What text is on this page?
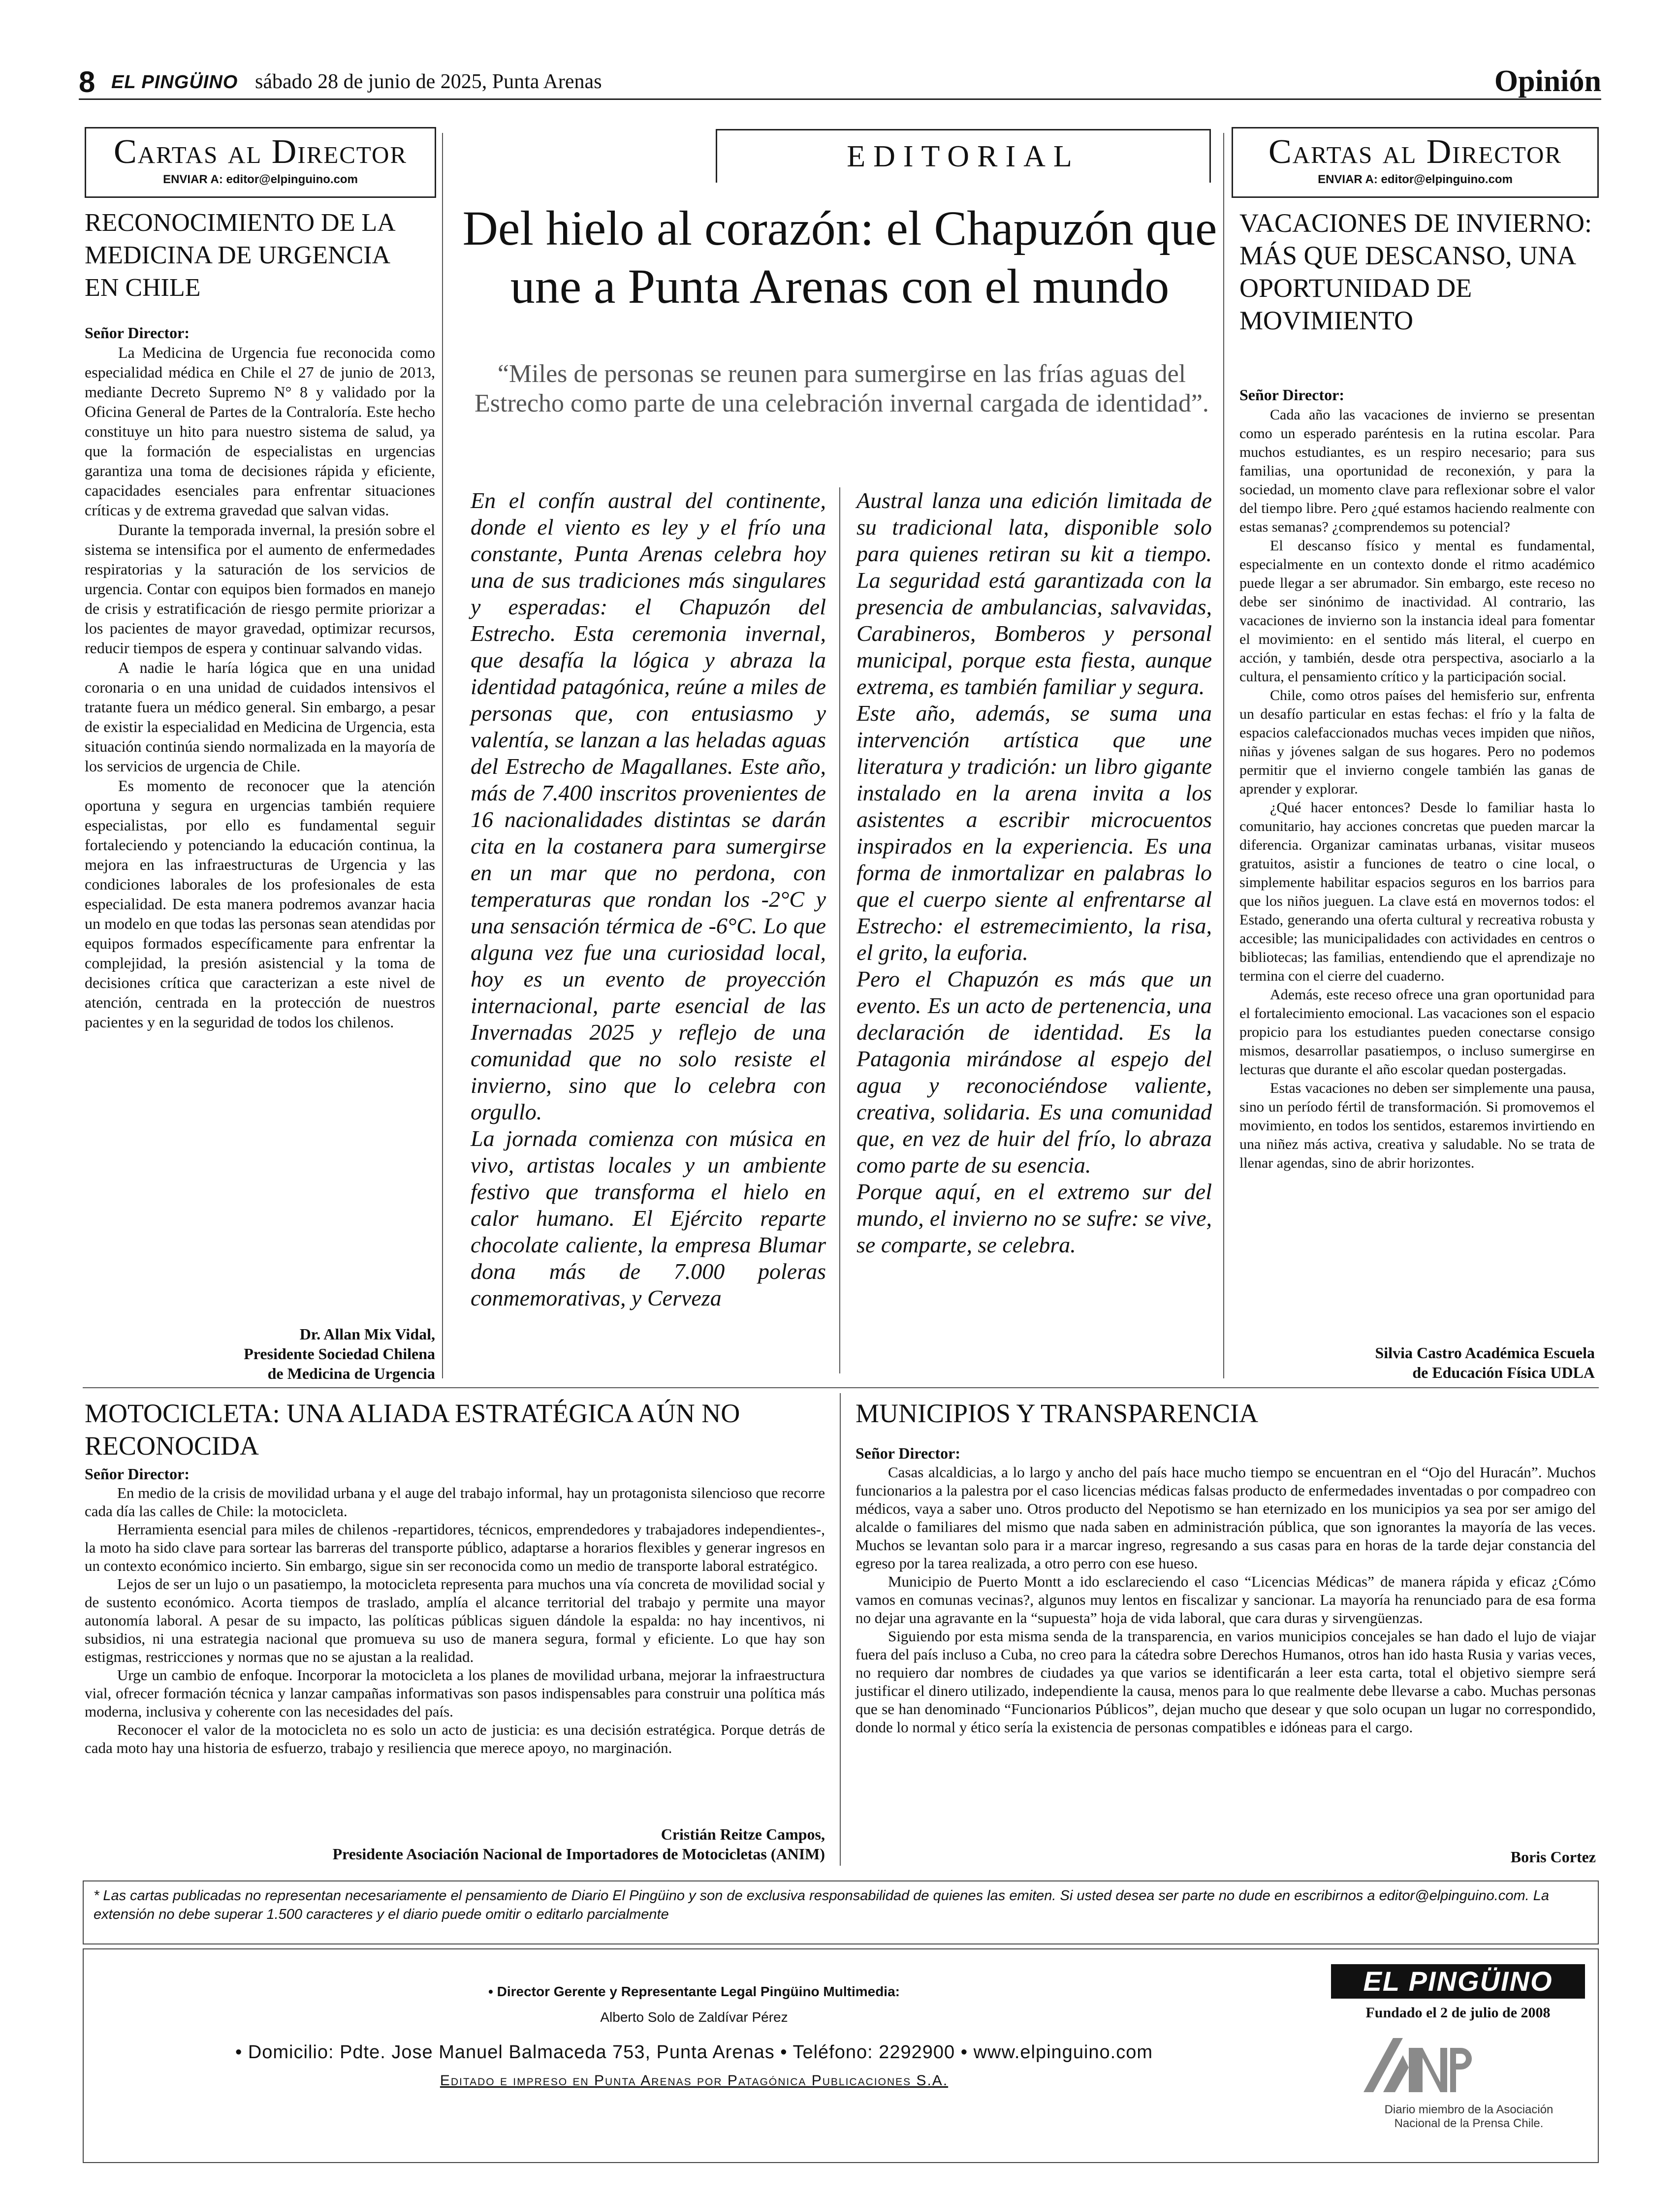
8 EL PINGÜINO sábado 28 de junio de 2025, Punta Arenas	Opinión
Cartas al Director
ENVIAR A: editor@elpinguino.com
Cartas al Director
ENVIAR A: editor@elpinguino.com
EDITORIAL
RECONOCIMIENTO DE LA MEDICINA DE URGENCIA EN CHILE
Señor Director:

La Medicina de Urgencia fue reconocida como especialidad médica en Chile el 27 de junio de 2013, mediante Decreto Supremo N° 8 y validado por la Oficina General de Partes de la Contraloría. Este hecho constituye un hito para nuestro sistema de salud, ya que la formación de especialistas en urgencias garantiza una toma de decisiones rápida y eficiente, capacidades esenciales para enfrentar situaciones críticas y de extrema gravedad que salvan vidas.

Durante la temporada invernal, la presión sobre el sistema se intensifica por el aumento de enfermedades respiratorias y la saturación de los servicios de urgencia. Contar con equipos bien formados en manejo de crisis y estratificación de riesgo permite priorizar a los pacientes de mayor gravedad, optimizar recursos, reducir tiempos de espera y continuar salvando vidas.

A nadie le haría lógica que en una unidad coronaria o en una unidad de cuidados intensivos el tratante fuera un médico general. Sin embargo, a pesar de existir la especialidad en Medicina de Urgencia, esta situación continúa siendo normalizada en la mayoría de los servicios de urgencia de Chile.

Es momento de reconocer que la atención oportuna y segura en urgencias también requiere especialistas, por ello es fundamental seguir fortaleciendo y potenciando la educación continua, la mejora en las infraestructuras de Urgencia y las condiciones laborales de los profesionales de esta especialidad. De esta manera podremos avanzar hacia un modelo en que todas las personas sean atendidas por equipos formados específicamente para enfrentar la complejidad, la presión asistencial y la toma de decisiones crítica que caracterizan a este nivel de atención, centrada en la protección de nuestros pacientes y en la seguridad de todos los chilenos.

Dr. Allan Mix Vidal,
Presidente Sociedad Chilena
de Medicina de Urgencia
Del hielo al corazón: el Chapuzón que une a Punta Arenas con el mundo
“Miles de personas se reunen para sumergirse en las frías aguas del Estrecho como parte de una celebración invernal cargada de identidad”.

En el confín austral del continente, donde el viento es ley y el frío una constante, Punta Arenas celebra hoy una de sus tradiciones más singulares y esperadas: el Chapuzón del Estrecho. Esta ceremonia invernal, que desafía la lógica y abraza la identidad patagónica, reúne a miles de personas que, con entusiasmo y valentía, se lanzan a las heladas aguas del Estrecho de Magallanes. Este año, más de 7.400 inscritos provenientes de 16 nacionalidades distintas se darán cita en la costanera para sumergirse en un mar que no perdona, con temperaturas que rondan los -2°C y una sensación térmica de -6°C. Lo que alguna vez fue una curiosidad local, hoy es un evento de proyección internacional, parte esencial de las Invernadas 2025 y reflejo de una comunidad que no solo resiste el invierno, sino que lo celebra con orgullo.

La jornada comienza con música en vivo, artistas locales y un ambiente festivo que transforma el hielo en calor humano. El Ejército reparte chocolate caliente, la empresa Blumar dona más de 7.000 poleras conmemorativas, y Cerveza

Austral lanza una edición limitada de su tradicional lata, disponible solo para quienes retiran su kit a tiempo. La seguridad está garantizada con la presencia de ambulancias, salvavidas, Carabineros, Bomberos y personal municipal, porque esta fiesta, aunque extrema, es también familiar y segura.

Este año, además, se suma una intervención artística que une literatura y tradición: un libro gigante instalado en la arena invita a los asistentes a escribir microcuentos inspirados en la experiencia. Es una forma de inmortalizar en palabras lo que el cuerpo siente al enfrentarse al Estrecho: el estremecimiento, la risa, el grito, la euforia.

Pero el Chapuzón es más que un evento. Es un acto de pertenencia, una declaración de identidad. Es la Patagonia mirándose al espejo del agua y reconociéndose valiente, creativa, solidaria. Es una comunidad que, en vez de huir del frío, lo abraza como parte de su esencia.

Porque aquí, en el extremo sur del mundo, el invierno no se sufre: se vive, se comparte, se celebra.

VACACIONES DE INVIERNO: MÁS QUE DESCANSO, UNA OPORTUNIDAD DE MOVIMIENTO
Señor Director:

Cada año las vacaciones de invierno se presentan como un esperado paréntesis en la rutina escolar. Para muchos estudiantes, es un respiro necesario; para sus familias, una oportunidad de reconexión, y para la sociedad, un momento clave para reflexionar sobre el valor del tiempo libre. Pero ¿qué estamos haciendo realmente con estas semanas? ¿comprendemos su potencial?

El descanso físico y mental es fundamental, especialmente en un contexto donde el ritmo académico puede llegar a ser abrumador. Sin embargo, este receso no debe ser sinónimo de inactividad. Al contrario, las vacaciones de invierno son la instancia ideal para fomentar el movimiento: en el sentido más literal, el cuerpo en acción, y también, desde otra perspectiva, asociarlo a la cultura, el pensamiento crítico y la participación social.

Chile, como otros países del hemisferio sur, enfrenta un desafío particular en estas fechas: el frío y la falta de espacios calefaccionados muchas veces impiden que niños, niñas y jóvenes salgan de sus hogares. Pero no podemos permitir que el invierno congele también las ganas de aprender y explorar.

¿Qué hacer entonces? Desde lo familiar hasta lo comunitario, hay acciones concretas que pueden marcar la diferencia. Organizar caminatas urbanas, visitar museos gratuitos, asistir a funciones de teatro o cine local, o simplemente habilitar espacios seguros en los barrios para que los niños jueguen. La clave está en movernos todos: el Estado, generando una oferta cultural y recreativa robusta y accesible; las municipalidades con actividades en centros o bibliotecas; las familias, entendiendo que el aprendizaje no termina con el cierre del cuaderno.

Además, este receso ofrece una gran oportunidad para el fortalecimiento emocional. Las vacaciones son el espacio propicio para los estudiantes pueden conectarse consigo mismos, desarrollar pasatiempos, o incluso sumergirse en lecturas que durante el año escolar quedan postergadas.

Estas vacaciones no deben ser simplemente una pausa, sino un período fértil de transformación. Si promovemos el movimiento, en todos los sentidos, estaremos invirtiendo en una niñez más activa, creativa y saludable. No se trata de llenar agendas, sino de abrir horizontes.

Silvia Castro Académica Escuela
de Educación Física UDLA
MOTOCICLETA: UNA ALIADA ESTRATÉGICA AÚN NO RECONOCIDA
Señor Director:

En medio de la crisis de movilidad urbana y el auge del trabajo informal, hay un protagonista silencioso que recorre cada día las calles de Chile: la motocicleta.

Herramienta esencial para miles de chilenos -repartidores, técnicos, emprendedores y trabajadores independientes-, la moto ha sido clave para sortear las barreras del transporte público, adaptarse a horarios flexibles y generar ingresos en un contexto económico incierto. Sin embargo, sigue sin ser reconocida como un medio de transporte laboral estratégico.

Lejos de ser un lujo o un pasatiempo, la motocicleta representa para muchos una vía concreta de movilidad social y de sustento económico. Acorta tiempos de traslado, amplía el alcance territorial del trabajo y permite una mayor autonomía laboral. A pesar de su impacto, las políticas públicas siguen dándole la espalda: no hay incentivos, ni subsidios, ni una estrategia nacional que promueva su uso de manera segura, formal y eficiente. Lo que hay son estigmas, restricciones y normas que no se ajustan a la realidad.

Urge un cambio de enfoque. Incorporar la motocicleta a los planes de movilidad urbana, mejorar la infraestructura vial, ofrecer formación técnica y lanzar campañas informativas son pasos indispensables para construir una política más moderna, inclusiva y coherente con las necesidades del país.

Reconocer el valor de la motocicleta no es solo un acto de justicia: es una decisión estratégica. Porque detrás de cada moto hay una historia de esfuerzo, trabajo y resiliencia que merece apoyo, no marginación.

Cristián Reitze Campos,
Presidente Asociación Nacional de Importadores de Motocicletas (ANIM)
MUNICIPIOS Y TRANSPARENCIA
Señor Director:

Casas alcaldicias, a lo largo y ancho del país hace mucho tiempo se encuentran en el “Ojo del Huracán”. Muchos funcionarios a la palestra por el caso licencias médicas falsas producto de enfermedades inventadas o por compadreo con médicos, vaya a saber uno. Otros producto del Nepotismo se han eternizado en los municipios ya sea por ser amigo del alcalde o familiares del mismo que nada saben en administración pública, que son ignorantes la mayoría de las veces. Muchos se levantan solo para ir a marcar ingreso, regresando a sus casas para en horas de la tarde dejar constancia del egreso por la tarea realizada, a otro perro con ese hueso.

Municipio de Puerto Montt a ido esclareciendo el caso “Licencias Médicas” de manera rápida y eficaz ¿Cómo vamos en comunas vecinas?, algunos muy lentos en fiscalizar y sancionar. La mayoría ha renunciado para de esa forma no dejar una agravante en la “supuesta” hoja de vida laboral, que cara duras y sirvengüenzas.

Siguiendo por esta misma senda de la transparencia, en varios municipios concejales se han dado el lujo de viajar fuera del país incluso a Cuba, no creo para la cátedra sobre Derechos Humanos, otros han ido hasta Rusia y varias veces, no requiero dar nombres de ciudades ya que varios se identificarán a leer esta carta, total el objetivo siempre será justificar el dinero utilizado, independiente la causa, menos para lo que realmente debe llevarse a cabo. Muchas personas que se han denominado “Funcionarios Públicos”, dejan mucho que desear y que solo ocupan un lugar no correspondido, donde lo normal y ético sería la existencia de personas compatibles e idóneas para el cargo.

Boris Cortez
* Las cartas publicadas no representan necesariamente el pensamiento de Diario El Pingüino y son de exclusiva responsabilidad de quienes las emiten. Si usted desea ser parte no dude en escribirnos a editor@elpinguino.com. La extensión no debe superar 1.500 caracteres y el diario puede omitir o editarlo parcialmente
• Director Gerente y Representante Legal Pingüino Multimedia:
Alberto Solo de Zaldívar Pérez
• Domicilio: Pdte. Jose Manuel Balmaceda 753, Punta Arenas • Teléfono: 2292900 • www.elpinguino.com
Editado e impreso en Punta Arenas por Patagónica Publicaciones S.A.
EL PINGÜINO
Fundado el 2 de julio de 2008
Diario miembro de la Asociación
Nacional de la Prensa Chile.
